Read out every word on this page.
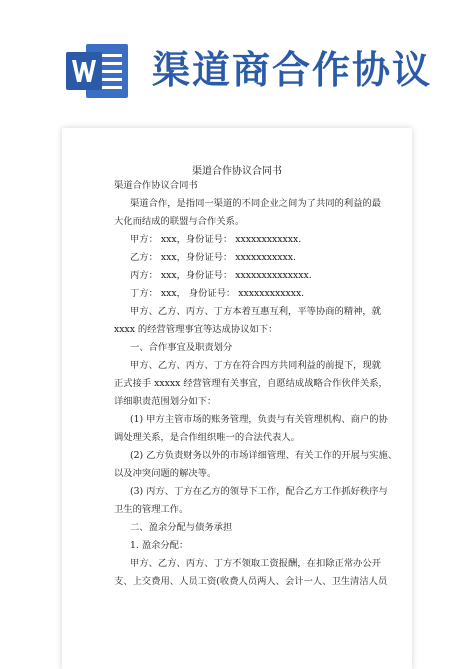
渠道商合作协议
渠道合作协议合同书
渠道合作协议合同书
渠道合作，是指同一渠道的不同企业之间为了共同的利益的最
大化而结成的联盟与合作关系。
甲方： xxx，身份证号： xxxxxxxxxxxx.
乙方： xxx，身份证号： xxxxxxxxxxx.
丙方： xxx，身份证号： xxxxxxxxxxxxxx.
丁方： xxx， 身份证号： xxxxxxxxxxxx.
甲方、乙方、丙方、丁方本着互惠互利，平等协商的精神，就
xxxx 的经营管理事宜等达成协议如下：
一、合作事宜及职责划分
甲方、乙方、丙方、丁方在符合四方共同利益的前提下，现就
正式接手 xxxxx 经营管理有关事宜，自愿结成战略合作伙伴关系，
详细职责范围划分如下：
(1) 甲方主管市场的账务管理，负责与有关管理机构、商户的协
调处理关系，是合作组织唯一的合法代表人。
(2) 乙方负责财务以外的市场详细管理、有关工作的开展与实施、
以及冲突问题的解决等。
(3) 丙方、丁方在乙方的领导下工作，配合乙方工作抓好秩序与
卫生的管理工作。
二、盈余分配与债务承担
1. 盈余分配：
甲方、乙方、丙方、丁方不领取工资报酬，在扣除正常办公开
支、上交费用、人员工资(收费人员两人、会计一人、卫生清洁人员
